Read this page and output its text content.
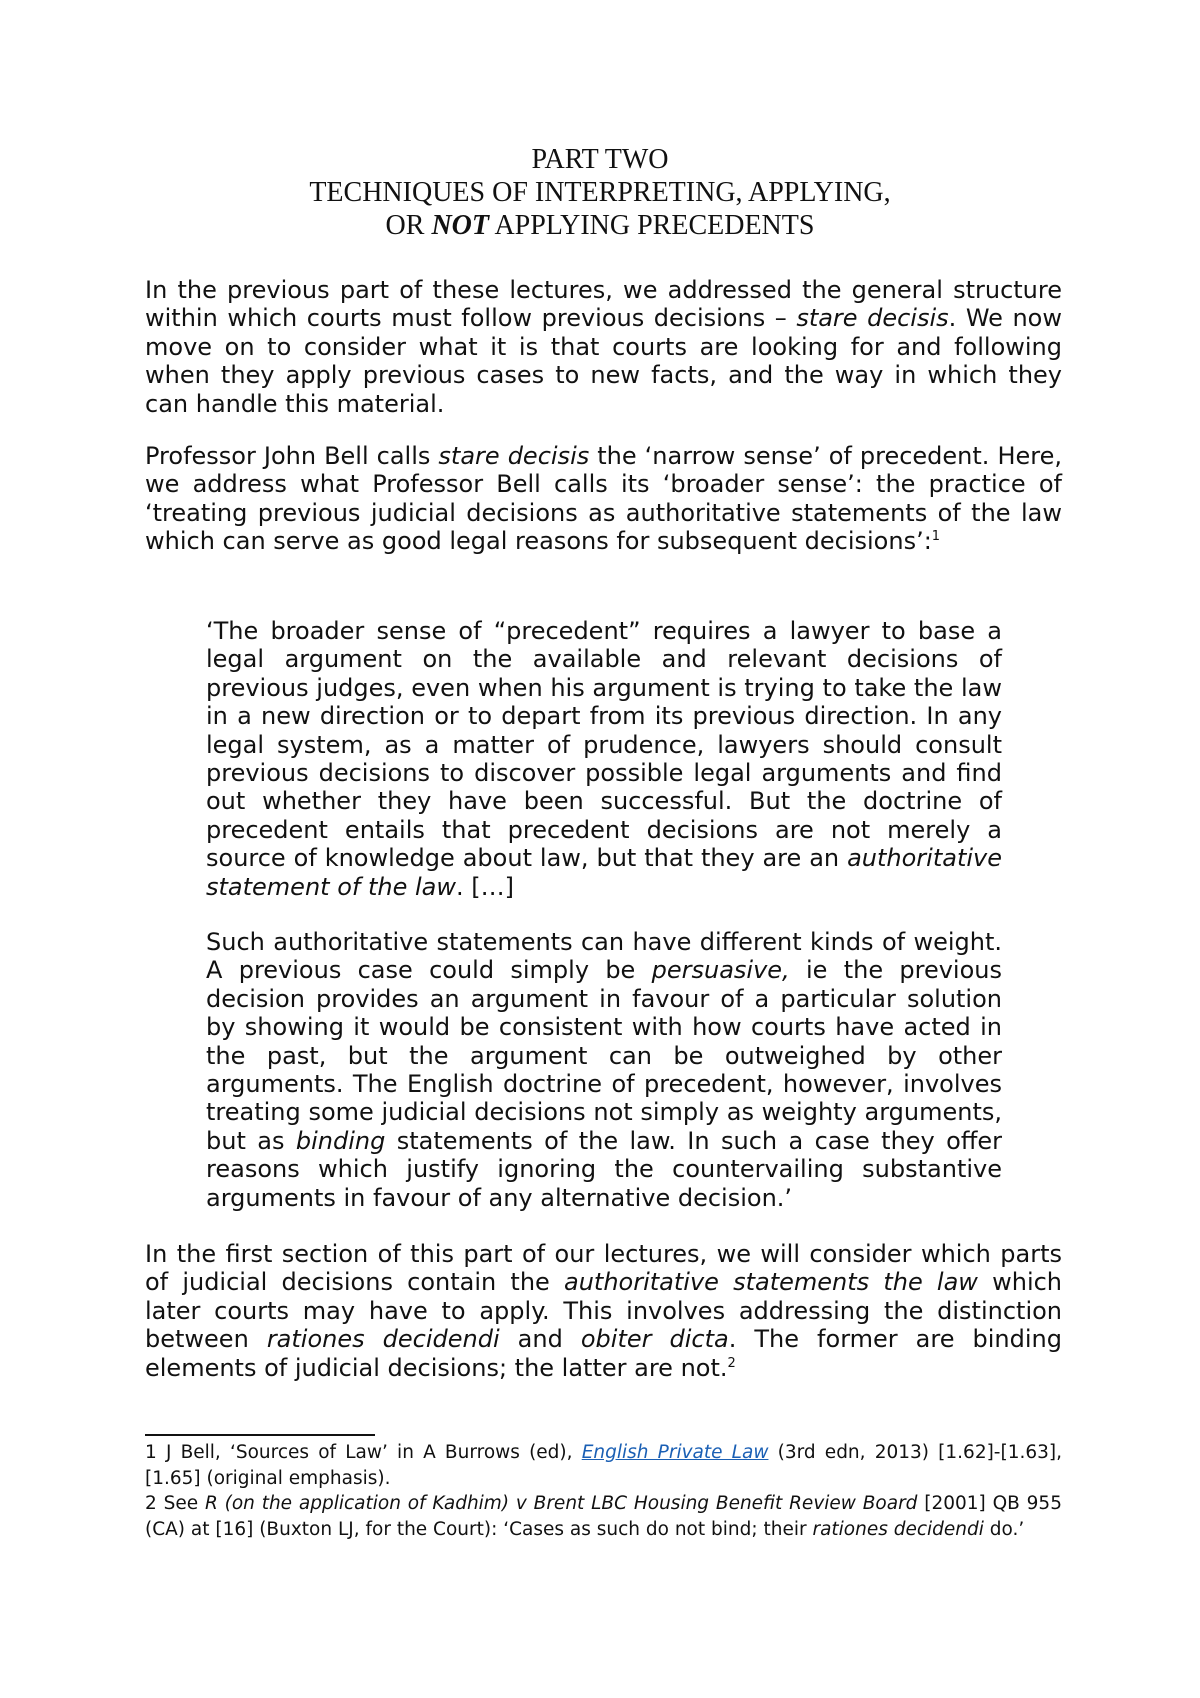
PART TWO
TECHNIQUES OF INTERPRETING, APPLYING,
OR NOT APPLYING PRECEDENTS

In the previous part of these lectures, we addressed the general structure within which courts must follow previous decisions – stare decisis. We now move on to consider what it is that courts are looking for and following when they apply previous cases to new facts, and the way in which they can handle this material.

Professor John Bell calls stare decisis the ‘narrow sense’ of precedent. Here, we address what Professor Bell calls its ‘broader sense’: the practice of ‘treating previous judicial decisions as authoritative statements of the law which can serve as good legal reasons for subsequent decisions’:$^1$

‘The broader sense of “precedent” requires a lawyer to base a legal argument on the available and relevant decisions of previous judges, even when his argument is trying to take the law in a new direction or to depart from its previous direction. In any legal system, as a matter of prudence, lawyers should consult previous decisions to discover possible legal arguments and find out whether they have been successful. But the doctrine of precedent entails that precedent decisions are not merely a source of knowledge about law, but that they are an authoritative statement of the law. […]

Such authoritative statements can have different kinds of weight. A previous case could simply be persuasive, ie the previous decision provides an argument in favour of a particular solution by showing it would be consistent with how courts have acted in the past, but the argument can be outweighed by other arguments. The English doctrine of precedent, however, involves treating some judicial decisions not simply as weighty arguments, but as binding statements of the law. In such a case they offer reasons which justify ignoring the countervailing substantive arguments in favour of any alternative decision.’

In the first section of this part of our lectures, we will consider which parts of judicial decisions contain the authoritative statements the law which later courts may have to apply. This involves addressing the distinction between rationes decidendi and obiter dicta. The former are binding elements of judicial decisions; the latter are not.$^2$

1 J Bell, ‘Sources of Law’ in A Burrows (ed), English Private Law (3rd edn, 2013) [1.62]-[1.63], [1.65] (original emphasis).

2 See R (on the application of Kadhim) v Brent LBC Housing Benefit Review Board [2001] QB 955 (CA) at [16] (Buxton LJ, for the Court): ‘Cases as such do not bind; their rationes decidendi do.’
